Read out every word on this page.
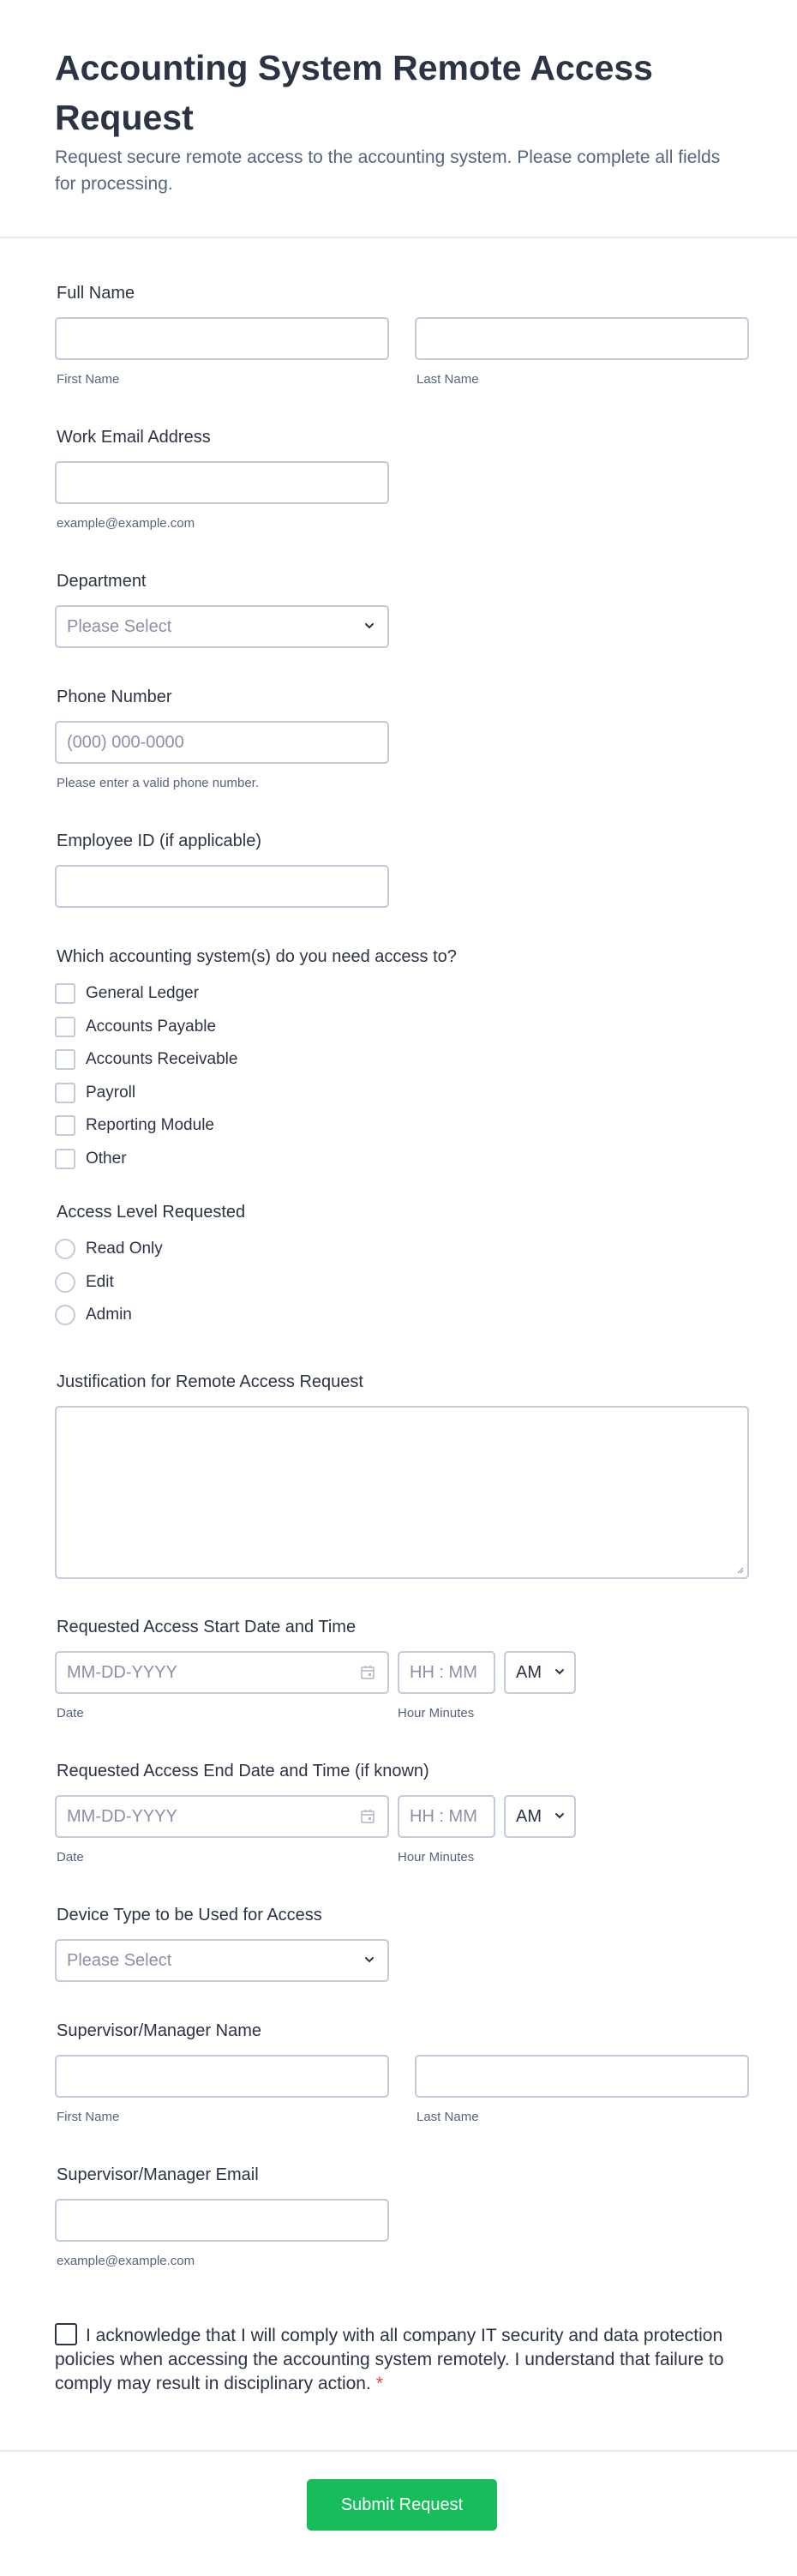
Accounting System Remote Access Request

Request secure remote access to the accounting system. Please complete all fields for processing.

Full Name
First Name	Last Name
Work Email Address
example@example.com
Department
Please Select
Phone Number
(000) 000-0000
Please enter a valid phone number.
Employee ID (if applicable)
Which accounting system(s) do you need access to?
General Ledger
Accounts Payable
Accounts Receivable
Payroll
Reporting Module
Other
Access Level Requested
Read Only
Edit
Admin
Justification for Remote Access Request
Requested Access Start Date and Time
MM-DD-YYYY	HH : MM	AM
Date	Hour Minutes
Requested Access End Date and Time (if known)
MM-DD-YYYY	HH : MM	AM
Date	Hour Minutes
Device Type to be Used for Access
Please Select
Supervisor/Manager Name
First Name	Last Name
Supervisor/Manager Email
example@example.com
I acknowledge that I will comply with all company IT security and data protection policies when accessing the accounting system remotely. I understand that failure to comply may result in disciplinary action. *
Submit Request
